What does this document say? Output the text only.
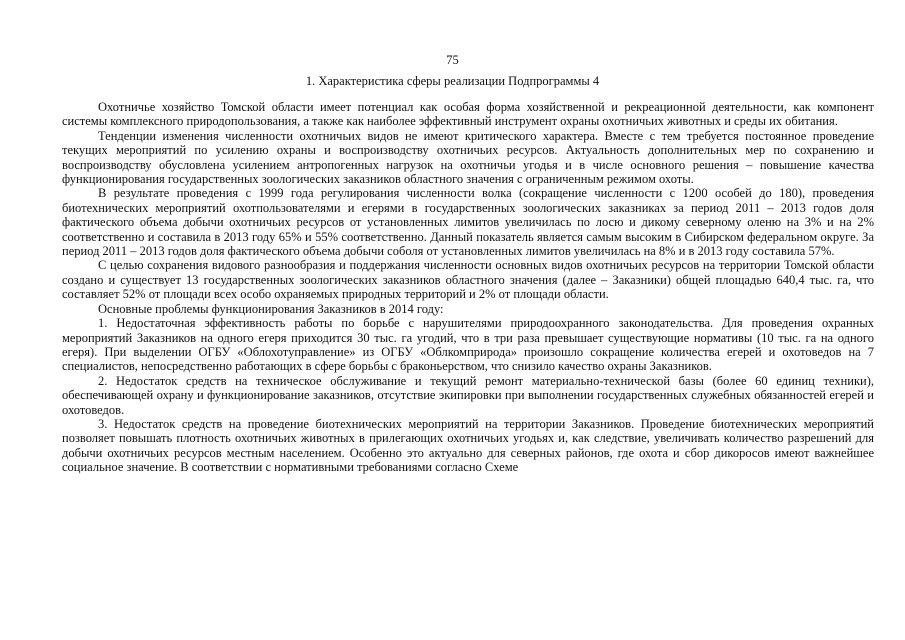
75
1. Характеристика сферы реализации Подпрограммы 4

Охотничье хозяйство Томской области имеет потенциал как особая форма хозяйственной и рекреационной деятельности, как компонент системы комплексного природопользования, а также как наиболее эффективный инструмент охраны охотничьих животных и среды их обитания.

Тенденции изменения численности охотничьих видов не имеют критического характера. Вместе с тем требуется постоянное проведение текущих мероприятий по усилению охраны и воспроизводству охотничьих ресурсов. Актуальность дополнительных мер по сохранению и воспроизводству обусловлена усилением антропогенных нагрузок на охотничьи угодья и в числе основного решения – повышение качества функционирования государственных зоологических заказников областного значения с ограниченным режимом охоты.

В результате проведения с 1999 года регулирования численности волка (сокращение численности с 1200 особей до 180), проведения биотехнических мероприятий охотпользователями и егерями в государственных зоологических заказниках за период 2011 – 2013 годов доля фактического объема добычи охотничьих ресурсов от установленных лимитов увеличилась по лосю и дикому северному оленю на 3% и на 2% соответственно и составила в 2013 году 65% и 55% соответственно. Данный показатель является самым высоким в Сибирском федеральном округе. За период 2011 – 2013 годов доля фактического объема добычи соболя от установленных лимитов увеличилась на 8% и в 2013 году составила 57%.

С целью сохранения видового разнообразия и поддержания численности основных видов охотничьих ресурсов на территории Томской области создано и существует 13 государственных зоологических заказников областного значения (далее – Заказники) общей площадью 640,4 тыс. га, что составляет 52% от площади всех особо охраняемых природных территорий и 2% от площади области.

Основные проблемы функционирования Заказников в 2014 году:

1. Недостаточная эффективность работы по борьбе с нарушителями природоохранного законодательства. Для проведения охранных мероприятий Заказников на одного егеря приходится 30 тыс. га угодий, что в три раза превышает существующие нормативы (10 тыс. га на одного егеря). При выделении ОГБУ «Облохотуправление» из ОГБУ «Облкомприрода» произошло сокращение количества егерей и охотоведов на 7 специалистов, непосредственно работающих в сфере борьбы с браконьерством, что снизило качество охраны Заказников.

2. Недостаток средств на техническое обслуживание и текущий ремонт материально-технической базы (более 60 единиц техники), обеспечивающей охрану и функционирование заказников, отсутствие экипировки при выполнении государственных служебных обязанностей егерей и охотоведов.

3. Недостаток средств на проведение биотехнических мероприятий на территории Заказников. Проведение биотехнических мероприятий позволяет повышать плотность охотничьих животных в прилегающих охотничьих угодьях и, как следствие, увеличивать количество разрешений для добычи охотничьих ресурсов местным населением. Особенно это актуально для северных районов, где охота и сбор дикоросов имеют важнейшее социальное значение. В соответствии с нормативными требованиями согласно Схеме
